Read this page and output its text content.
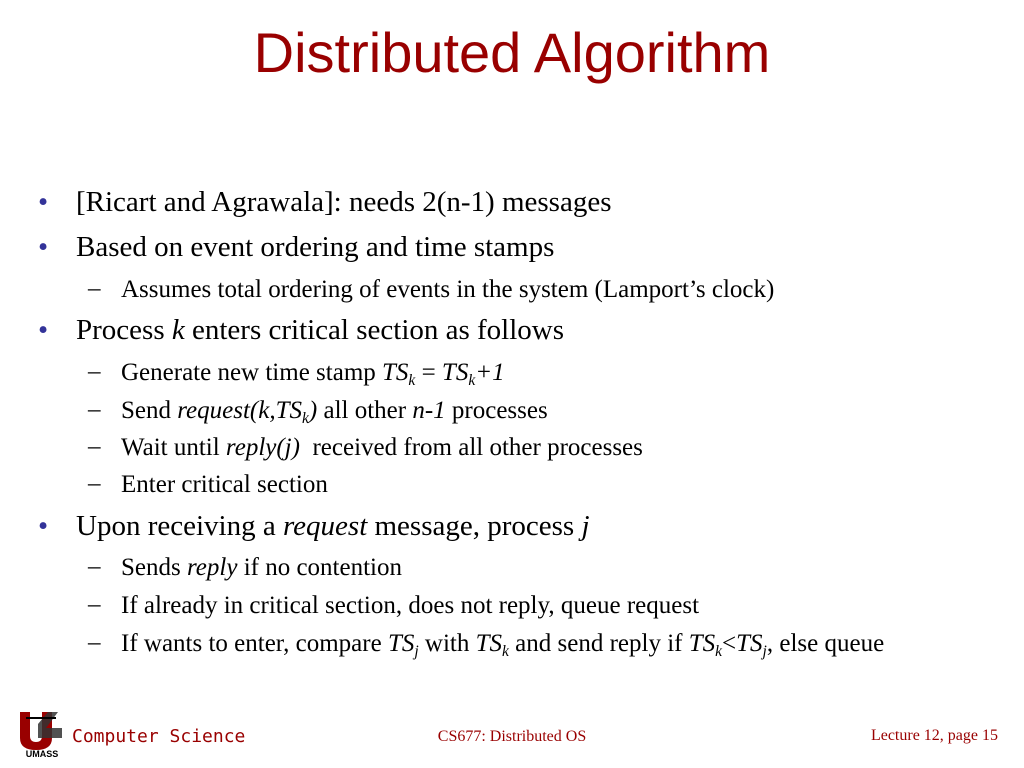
Distributed Algorithm
• [Ricart and Agrawala]: needs 2(n-1) messages
• Based on event ordering and time stamps
– Assumes total ordering of events in the system (Lamport’s clock)
• Process k enters critical section as follows
– Generate new time stamp $TS_k = TS_k+1$
– Send $request(k,TS_k)$ all other n-1 processes
– Wait until reply(j)  received from all other processes
– Enter critical section
• Upon receiving a request message, process j
– Sends reply if no contention
– If already in critical section, does not reply, queue request
– If wants to enter, compare $TS_j$ with $TS_k$ and send reply if $TS_k<TS_j$, else queue
UMASS
Computer Science	CS677: Distributed OS	Lecture 12, page 15
